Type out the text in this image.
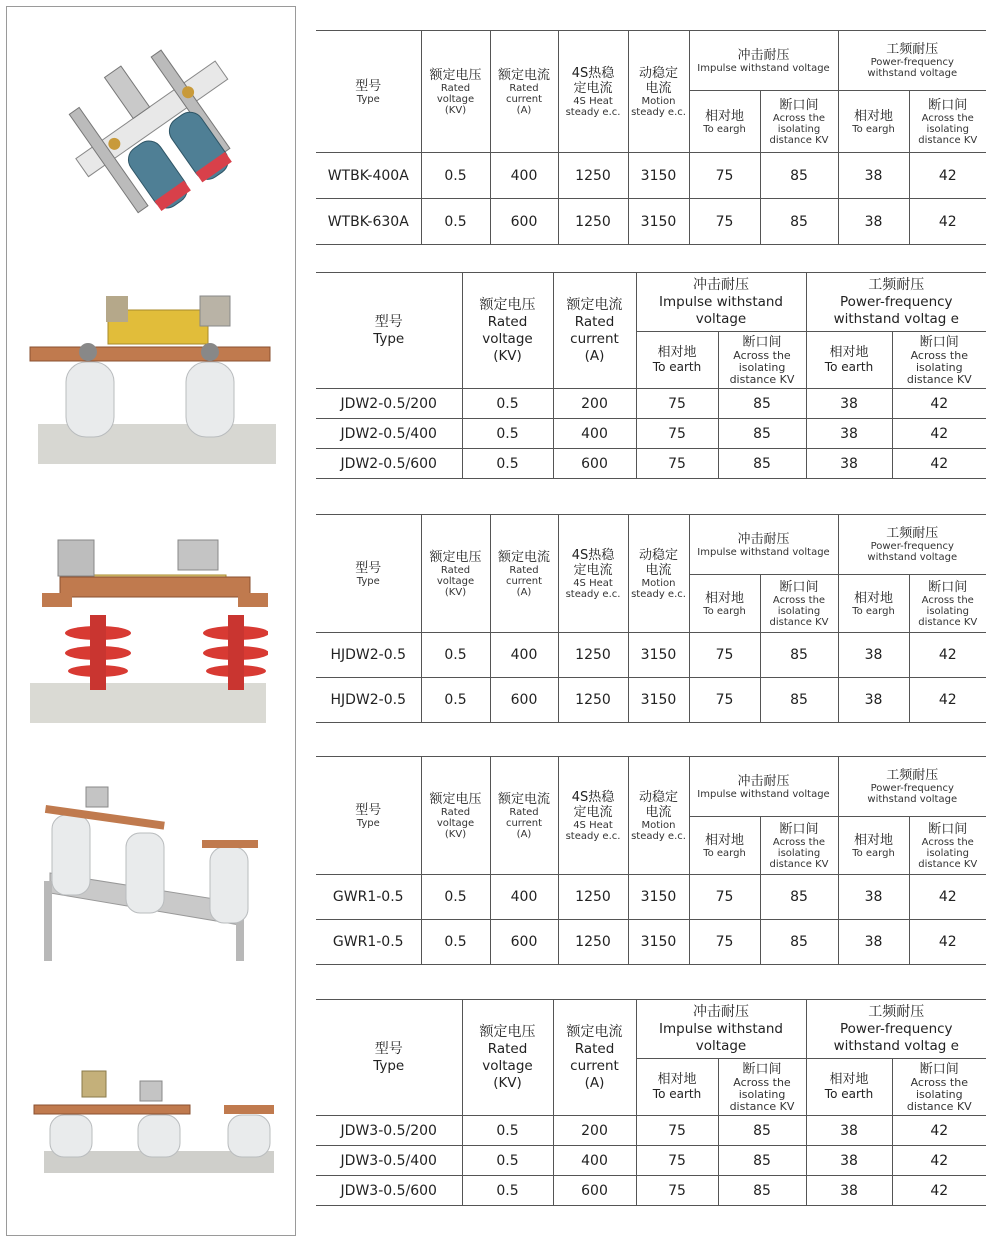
型号
Type	额定电压
Rated
voltage
(KV)	额定电流
Rated
current
(A)	4S热稳
定电流
4S Heat
steady e.c.	动稳定
电流
Motion
steady e.c.	冲击耐压
Impulse withstand voltage		工频耐压
Power-frequency
withstand voltage	

					相对地
To eargh	断口间
Across the
isolating
distance KV	相对地
To eargh	断口间
Across the
isolating
distance KV

WTBK-400A	0.5	400	1250	3150	75	85	38	42
WTBK-630A	0.5	600	1250	3150	75	85	38	42
型号
Type	额定电压
Rated
voltage
(KV)	额定电流
Rated
current
(A)	冲击耐压
Impulse withstand
voltage		工频耐压
Power-frequency
withstand voltag e	

			相对地
To earth	断口间
Across the
isolating
distance KV	相对地
To earth	断口间
Across the
isolating
distance KV

JDW2-0.5/200	0.5	200	75	85	38	42
JDW2-0.5/400	0.5	400	75	85	38	42
JDW2-0.5/600	0.5	600	75	85	38	42
型号
Type	额定电压
Rated
voltage
(KV)	额定电流
Rated
current
(A)	4S热稳
定电流
4S Heat
steady e.c.	动稳定
电流
Motion
steady e.c.	冲击耐压
Impulse withstand voltage		工频耐压
Power-frequency
withstand voltage	

					相对地
To eargh	断口间
Across the
isolating
distance KV	相对地
To eargh	断口间
Across the
isolating
distance KV

HJDW2-0.5	0.5	400	1250	3150	75	85	38	42
HJDW2-0.5	0.5	600	1250	3150	75	85	38	42
型号
Type	额定电压
Rated
voltage
(KV)	额定电流
Rated
current
(A)	4S热稳
定电流
4S Heat
steady e.c.	动稳定
电流
Motion
steady e.c.	冲击耐压
Impulse withstand voltage		工频耐压
Power-frequency
withstand voltage	

					相对地
To eargh	断口间
Across the
isolating
distance KV	相对地
To eargh	断口间
Across the
isolating
distance KV

GWR1-0.5	0.5	400	1250	3150	75	85	38	42
GWR1-0.5	0.5	600	1250	3150	75	85	38	42
型号
Type	额定电压
Rated
voltage
(KV)	额定电流
Rated
current
(A)	冲击耐压
Impulse withstand
voltage		工频耐压
Power-frequency
withstand voltag e	

			相对地
To earth	断口间
Across the
isolating
distance KV	相对地
To earth	断口间
Across the
isolating
distance KV

JDW3-0.5/200	0.5	200	75	85	38	42
JDW3-0.5/400	0.5	400	75	85	38	42
JDW3-0.5/600	0.5	600	75	85	38	42
